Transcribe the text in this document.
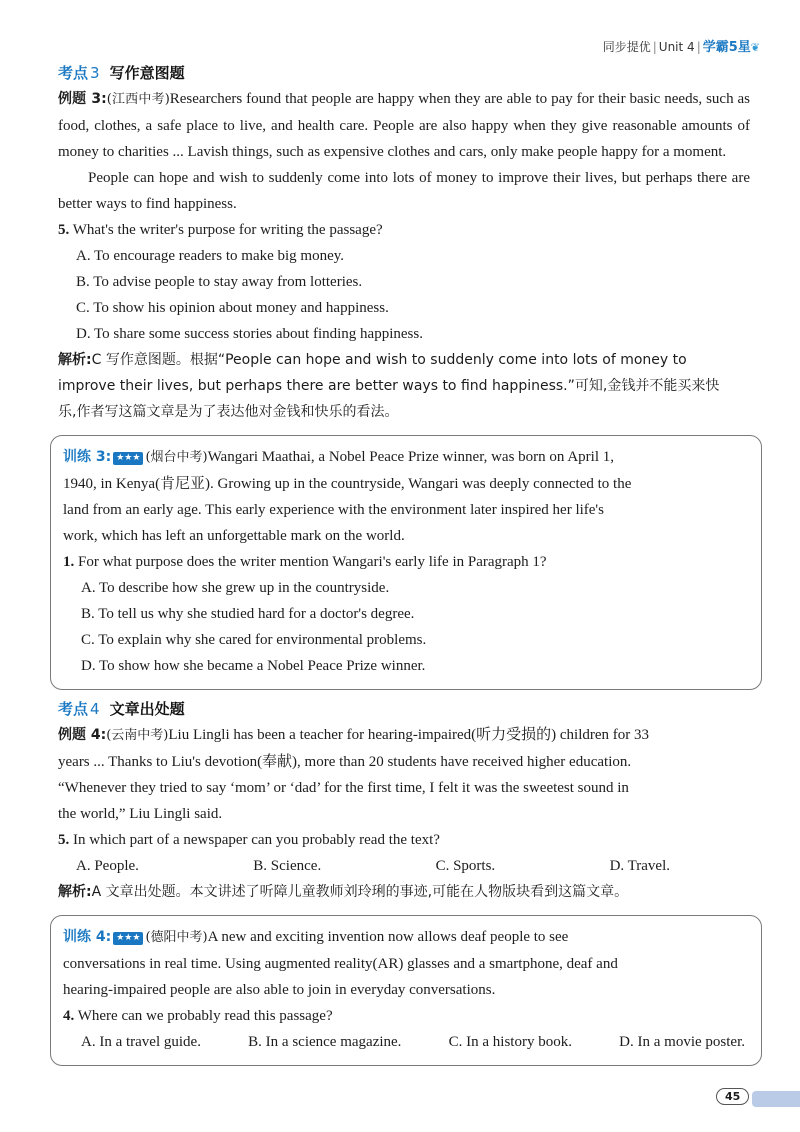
同步提优 | Unit 4 | 学霸5星❦
考点 3 写作意图题

例题 3:(江西中考)Researchers found that people are happy when they are able to pay for their basic needs, such as food, clothes, a safe place to live, and health care. People are also happy when they give reasonable amounts of money to charities ... Lavish things, such as expensive clothes and cars, only make people happy for a moment.

People can hope and wish to suddenly come into lots of money to improve their lives, but perhaps there are better ways to find happiness.

5. What's the writer's purpose for writing the passage?

A. To encourage readers to make big money.
B. To advise people to stay away from lotteries.
C. To show his opinion about money and happiness.
D. To share some success stories about finding happiness.
解析:C 写作意图题。根据“People can hope and wish to suddenly come into lots of money to
improve their lives, but perhaps there are better ways to find happiness.”可知,金钱并不能买来快
乐,作者写这篇文章是为了表达他对金钱和快乐的看法。
训练 3: ★★★ (烟台中考)Wangari Maathai, a Nobel Peace Prize winner, was born on April 1,
1940, in Kenya(肯尼亚). Growing up in the countryside, Wangari was deeply connected to the
land from an early age. This early experience with the environment later inspired her life's
work, which has left an unforgettable mark on the world.
1. For what purpose does the writer mention Wangari's early life in Paragraph 1?
A. To describe how she grew up in the countryside.
B. To tell us why she studied hard for a doctor's degree.
C. To explain why she cared for environmental problems.
D. To show how she became a Nobel Peace Prize winner.
考点 4 文章出处题
例题 4:(云南中考)Liu Lingli has been a teacher for hearing-impaired(听力受损的) children for 33
years ... Thanks to Liu's devotion(奉献), more than 20 students have received higher education.
“Whenever they tried to say ‘mom’ or ‘dad’ for the first time, I felt it was the sweetest sound in
the world,” Liu Lingli said.
5. In which part of a newspaper can you probably read the text?
A. People.	B. Science.	C. Sports.	D. Travel.
解析:A 文章出处题。本文讲述了听障儿童教师刘玲琍的事迹,可能在人物版块看到这篇文章。
训练 4: ★★★ (德阳中考)A new and exciting invention now allows deaf people to see
conversations in real time. Using augmented reality(AR) glasses and a smartphone, deaf and
hearing-impaired people are also able to join in everyday conversations.
4. Where can we probably read this passage?
A. In a travel guide.	B. In a science magazine.	C. In a history book.	D. In a movie poster.
45
